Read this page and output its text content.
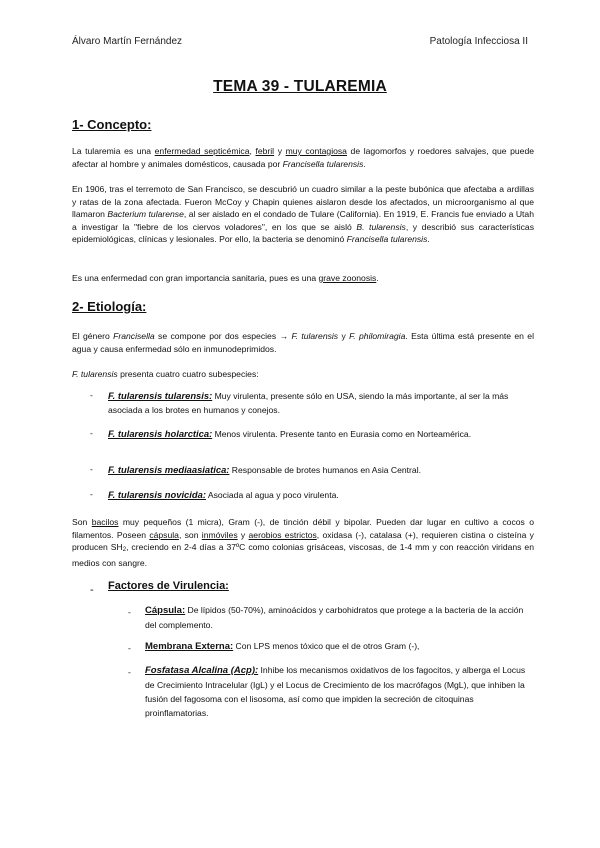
Álvaro Martín Fernández	Patología Infecciosa II
TEMA 39 - TULAREMIA
1- Concepto:

La tularemia es una enfermedad septicémica, febril y muy contagiosa de lagomorfos y roedores salvajes, que puede afectar al hombre y animales domésticos, causada por Francisella tularensis.

En 1906, tras el terremoto de San Francisco, se descubrió un cuadro similar a la peste bubónica que afectaba a ardillas y ratas de la zona afectada. Fueron McCoy y Chapin quienes aislaron desde los afectados, un microorganismo al que llamaron Bacterium tularense, al ser aislado en el condado de Tulare (California). En 1919, E. Francis fue enviado a Utah a investigar la "fiebre de los ciervos voladores", en los que se aisló B. tularensis, y describió sus características epidemiológicas, clínicas y lesionales. Por ello, la bacteria se denominó Francisella tularensis.

Es una enfermedad con gran importancia sanitaria, pues es una grave zoonosis.

2- Etiología:

El género Francisella se compone por dos especies → F. tularensis y F. philomiragia. Esta última está presente en el agua y causa enfermedad sólo en inmunodeprimidos.

F. tularensis presenta cuatro cuatro subespecies:

- F. tularensis tularensis: Muy virulenta, presente sólo en USA, siendo la más importante, al ser la más asociada a los brotes en humanos y conejos.
- F. tularensis holarctica: Menos virulenta. Presente tanto en Eurasia como en Norteamérica.
- F. tularensis mediaasiatica: Responsable de brotes humanos en Asia Central.
- F. tularensis novicida: Asociada al agua y poco virulenta.

Son bacilos muy pequeños (1 micra), Gram (-), de tinción débil y bipolar. Pueden dar lugar en cultivo a cocos o filamentos. Poseen cápsula, son inmóviles y aerobios estrictos, oxidasa (-), catalasa (+), requieren cistina o cisteína y producen SH2, creciendo en 2-4 días a 37ºC como colonias grisáceas, viscosas, de 1-4 mm y con reacción viridans en medios con sangre.

- Factores de Virulencia:
- Cápsula: De lípidos (50-70%), aminoácidos y carbohidratos que protege a la bacteria de la acción del complemento.
- Membrana Externa: Con LPS menos tóxico que el de otros Gram (-),
- Fosfatasa Alcalina (Acp): Inhibe los mecanismos oxidativos de los fagocitos, y alberga el Locus de Crecimiento Intracelular (IgL) y el Locus de Crecimiento de los macrófagos (MgL), que inhiben la fusión del fagosoma con el lisosoma, así como que impiden la secreción de citoquinas proinflamatorias.
